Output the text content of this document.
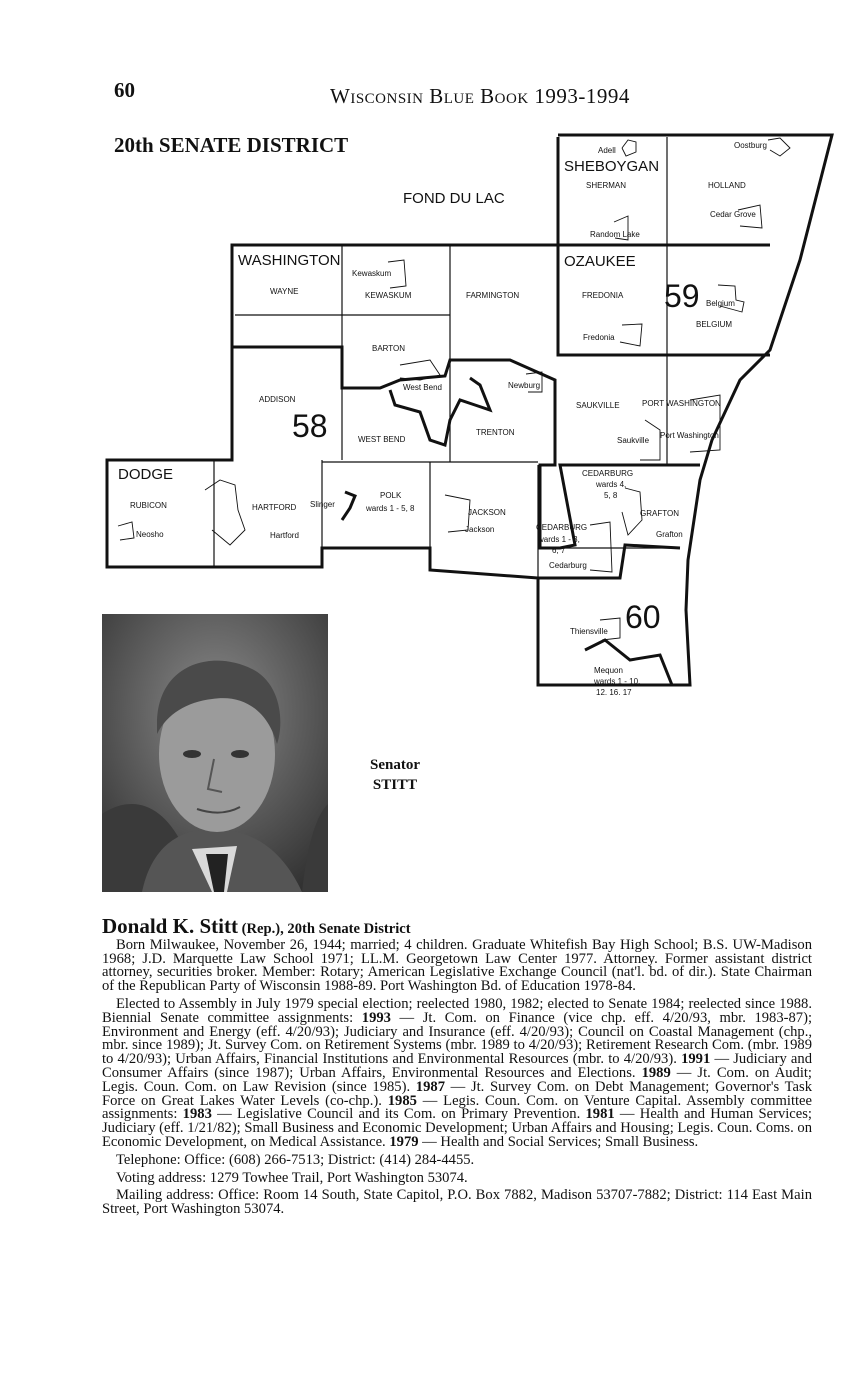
60	Wisconsin Blue Book 1993-1994
20th SENATE DISTRICT
FOND DU LAC
SHEBOYGAN
WASHINGTON	OZAUKEE
DODGE
58
59
60
Adell
Oostburg
SHERMAN	HOLLAND
Cedar Grove
Random Lake
Kewaskum
WAYNE	KEWASKUM	FARMINGTON	FREDONIA
Fredonia
Belgium
BELGIUM
BARTON
West Bend	Newburg
SAUKVILLE	PORT WASHINGTON
Saukville
Port Washington
ADDISON
WEST BEND
TRENTON
RUBICON
Neosho
HARTFORD
Hartford
Slinger
POLK
wards 1 - 5, 8	JACKSON
Jackson
CEDARBURG
wards 4,
5, 8
GRAFTON
Grafton
CEDARBURG
wards 1 - 3,
6, 7
Cedarburg
Thiensville
Mequon
wards 1 - 10,
12, 16, 17
Senator
STITT

Donald K. Stitt (Rep.), 20th Senate District

Born Milwaukee, November 26, 1944; married; 4 children. Graduate Whitefish Bay High School; B.S. UW-Madison 1968; J.D. Marquette Law School 1971; LL.M. Georgetown Law Center 1977. Attorney. Former assistant district attorney, securities broker. Member: Rotary; American Legislative Exchange Council (nat'l. bd. of dir.). State Chairman of the Republican Party of Wisconsin 1988-89. Port Washington Bd. of Education 1978-84.

Elected to Assembly in July 1979 special election; reelected 1980, 1982; elected to Senate 1984; reelected since 1988. Biennial Senate committee assignments: 1993 — Jt. Com. on Finance (vice chp. eff. 4/20/93, mbr. 1983-87); Environment and Energy (eff. 4/20/93); Judiciary and Insurance (eff. 4/20/93); Council on Coastal Management (chp., mbr. since 1989); Jt. Survey Com. on Retirement Systems (mbr. 1989 to 4/20/93); Retirement Research Com. (mbr. 1989 to 4/20/93); Urban Affairs, Financial Institutions and Environmental Resources (mbr. to 4/20/93). 1991 — Judiciary and Consumer Affairs (since 1987); Urban Affairs, Environmental Resources and Elections. 1989 — Jt. Com. on Audit; Legis. Coun. Com. on Law Revision (since 1985). 1987 — Jt. Survey Com. on Debt Management; Governor's Task Force on Great Lakes Water Levels (co-chp.). 1985 — Legis. Coun. Com. on Venture Capital. Assembly committee assignments: 1983 — Legislative Council and its Com. on Primary Prevention. 1981 — Health and Human Services; Judiciary (eff. 1/21/82); Small Business and Economic Development; Urban Affairs and Housing; Legis. Coun. Coms. on Economic Development, on Medical Assistance. 1979 — Health and Social Services; Small Business.

Telephone: Office: (608) 266-7513; District: (414) 284-4455.

Voting address: 1279 Towhee Trail, Port Washington 53074.

Mailing address: Office: Room 14 South, State Capitol, P.O. Box 7882, Madison 53707-7882; District: 114 East Main Street, Port Washington 53074.
